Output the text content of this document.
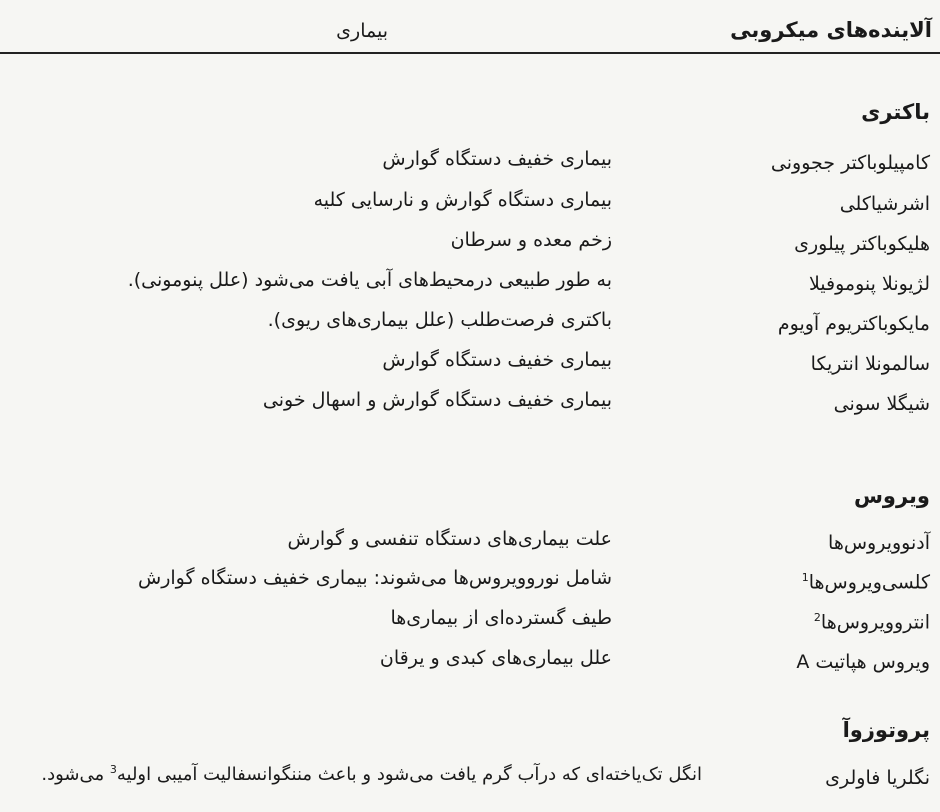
آلاینده‌های میکروبی
بیماری
باکتری
کامپیلوباکتر ججوونی
بیماری خفیف دستگاه گوارش
اشرشیاکلی
بیماری دستگاه گوارش و نارسایی کلیه
هلیکوباکتر پیلوری
زخم معده و سرطان
لژیونلا پنوموفیلا
به طور طبیعی درمحیط‌های آبی یافت می‌شود (علل پنومونی).
مایکوباکتریوم آویوم
باکتری فرصت‌طلب (علل بیماری‌های ریوی).
سالمونلا انتریکا
بیماری خفیف دستگاه گوارش
شیگلا سونی
بیماری خفیف دستگاه گوارش و اسهال خونی
ویروس
آدنوویروس‌ها
علت بیماری‌های دستگاه تنفسی و گوارش
کلسی‌ویروس‌ها$^1$
شامل نوروویروس‌ها می‌شوند: بیماری خفیف دستگاه گوارش
انتروویروس‌ها$^2$
طیف گسترده‌ای از بیماری‌ها
ویروس هپاتیت A
علل بیماری‌های کبدی و یرقان
پروتوزوآ
نگلریا فاولری
انگل تک‌یاخته‌ای که درآب گرم یافت می‌شود و باعث مننگوانسفالیت آمیبی اولیه$^3$ می‌شود.
